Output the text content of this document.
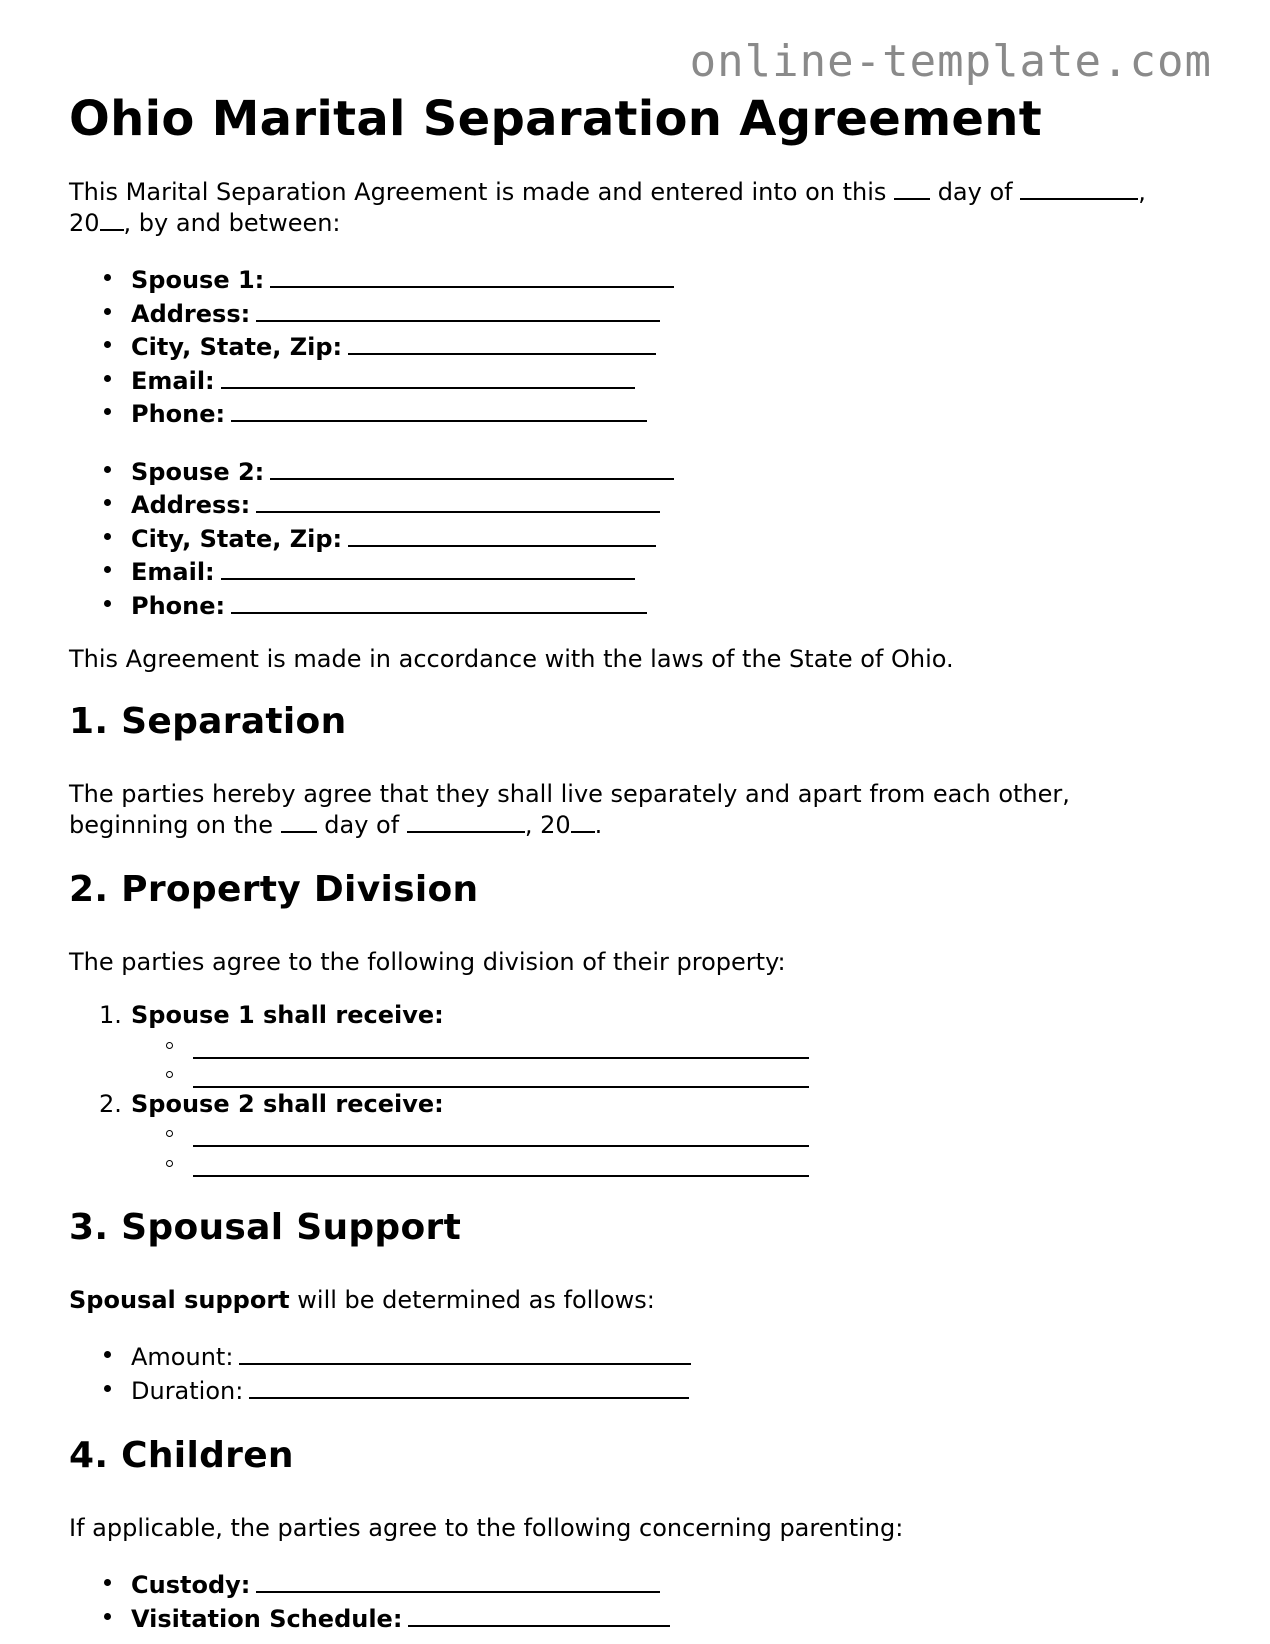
online-template.com
Ohio Marital Separation Agreement

This Marital Separation Agreement is made and entered into on this day of	,
20 , by and between:

Spouse 1:
Address:
City, State, Zip:
Email:
Phone:
Spouse 2:
Address:
City, State, Zip:
Email:
Phone:

This Agreement is made in accordance with the laws of the State of Ohio.

1. Separation

The parties hereby agree that they shall live separately and apart from each other,
beginning on the day of	, 20 .

2. Property Division

The parties agree to the following division of their property:

1. Spouse 1 shall receive:
2. Spouse 2 shall receive:
3. Spousal Support

Spousal support will be determined as follows:

Amount:
Duration:
4. Children

If applicable, the parties agree to the following concerning parenting:

Custody:
Visitation Schedule:
